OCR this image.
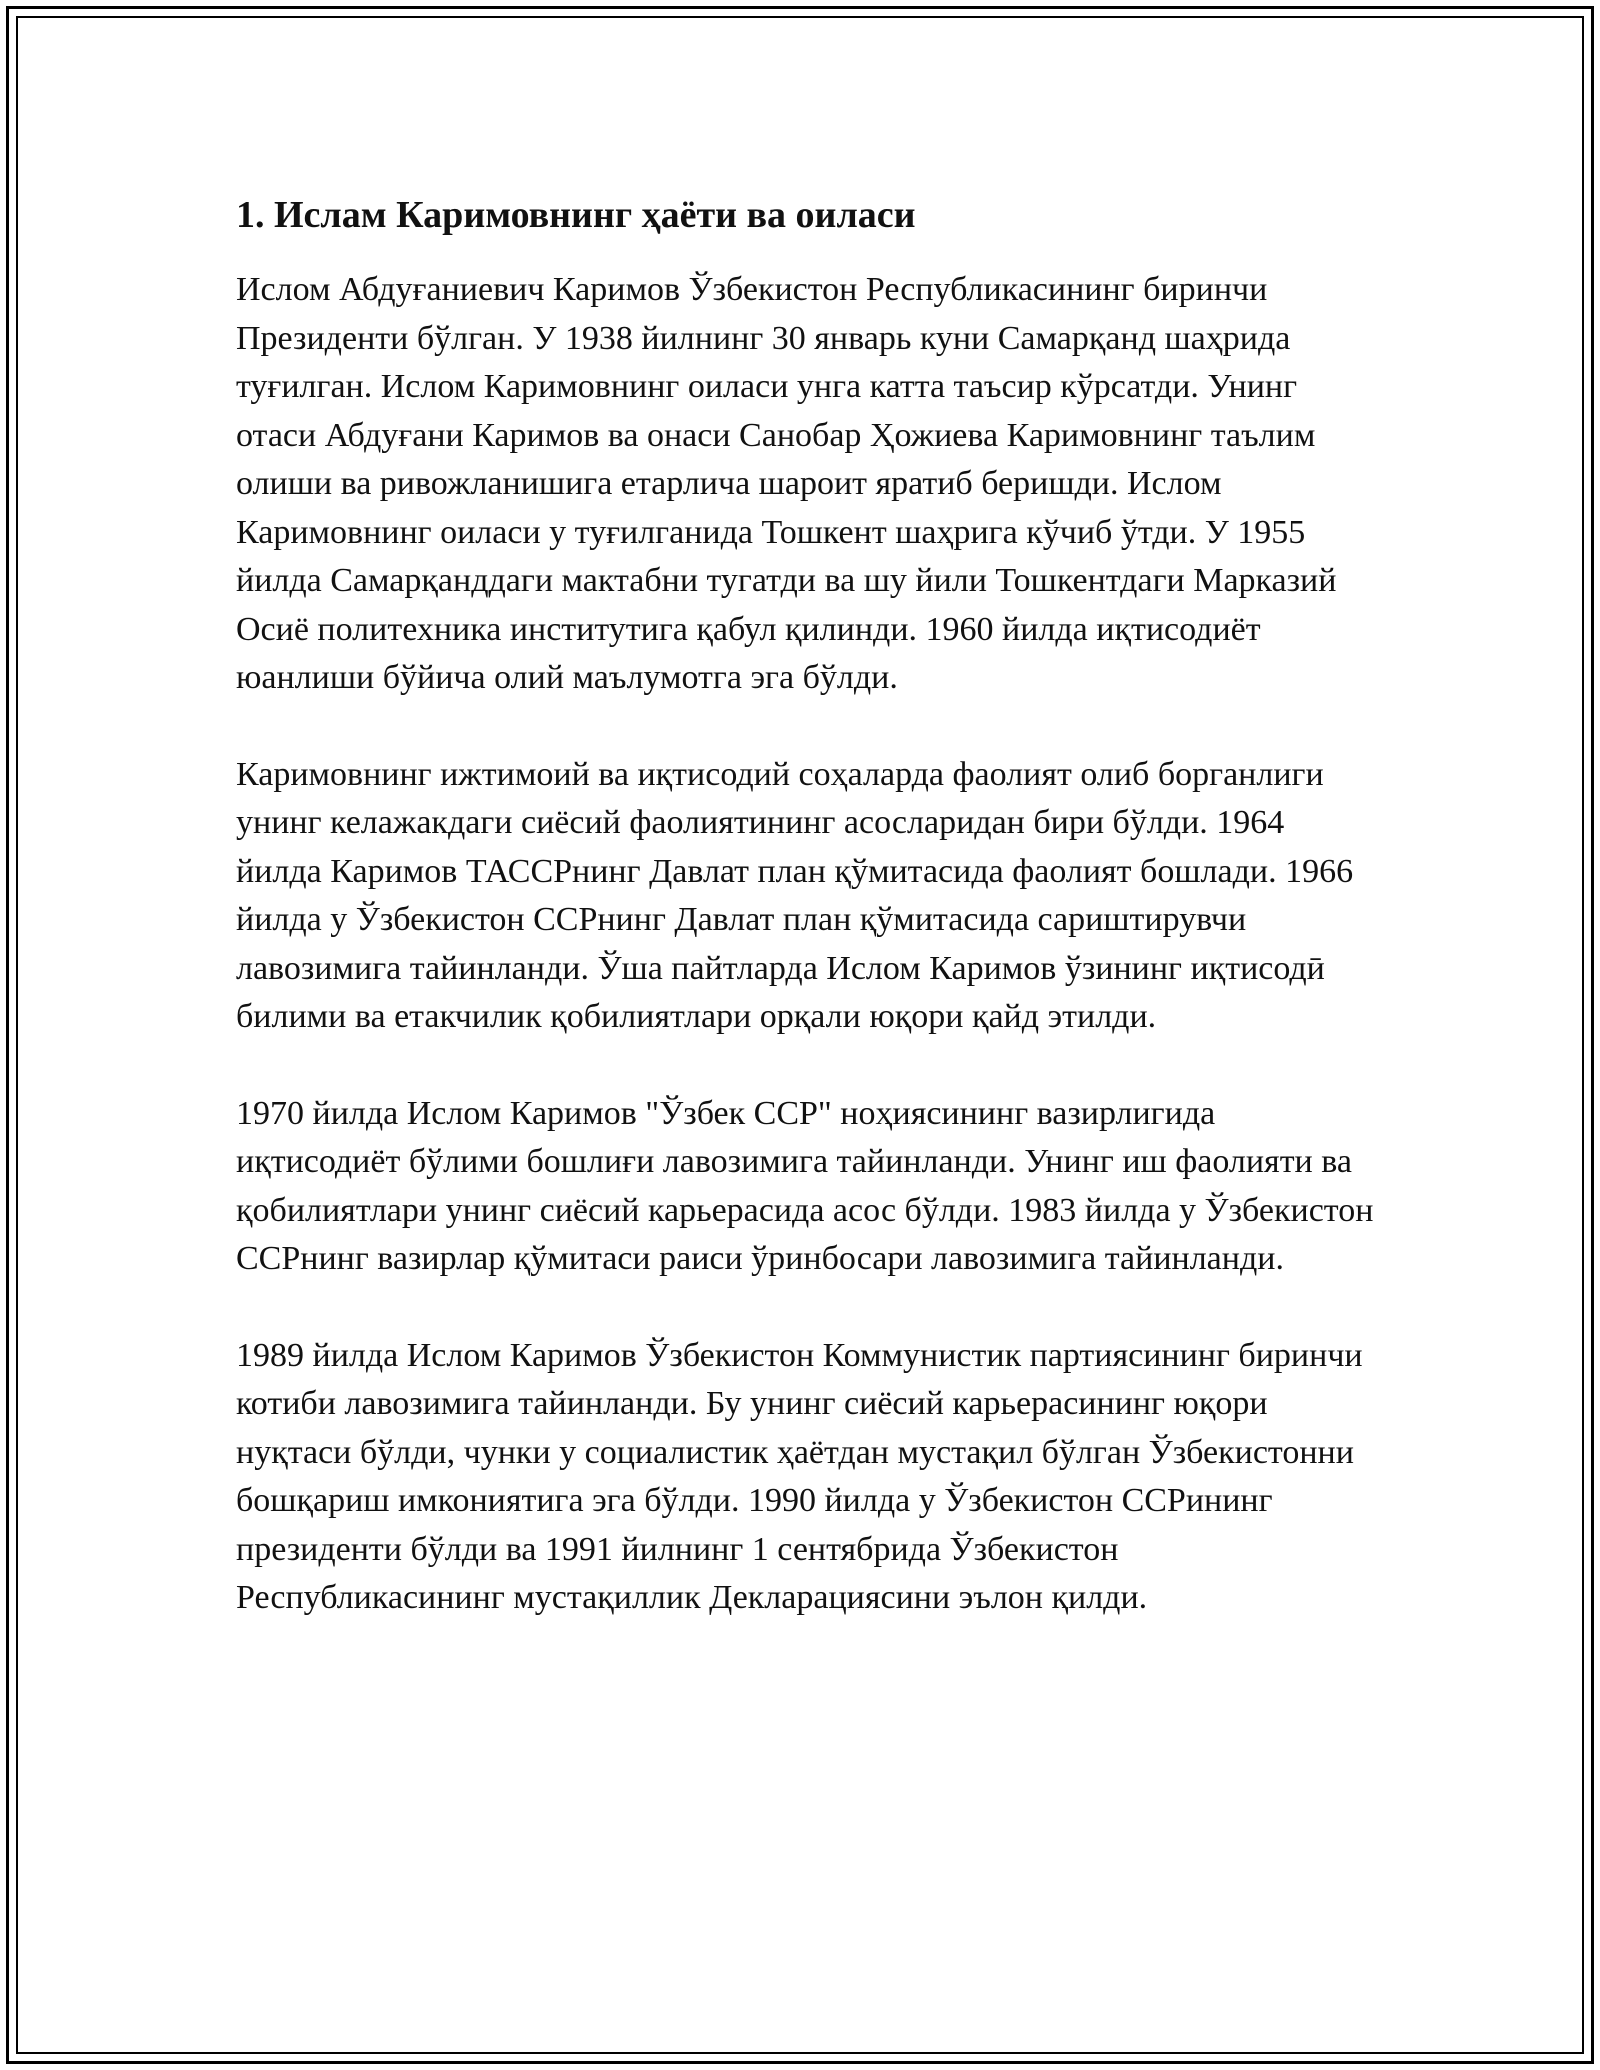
1. Ислам Каримовнинг ҳаёти ва оиласи

Ислом Абдуғаниевич Каримов Ўзбекистон Республикасининг биринчи Президенти бўлган. У 1938 йилнинг 30 январь куни Самарқанд шаҳрида туғилган. Ислом Каримовнинг оиласи унга катта таъсир кўрсатди. Унинг отаси Абдуғани Каримов ва онаси Санобар Ҳожиева Каримовнинг таълим олиши ва ривожланишига етарлича шароит яратиб беришди. Ислом Каримовнинг оиласи у туғилганида Тошкент шаҳрига кўчиб ўтди. У 1955 йилда Самарқанддаги мактабни тугатди ва шу йили Тошкентдаги Марказий Осиё политехника институтига қабул қилинди. 1960 йилда иқтисодиёт юанлиши бўйича олий маълумотга эга бўлди.

Каримовнинг ижтимоий ва иқтисодий соҳаларда фаолият олиб борганлиги унинг келажакдаги сиёсий фаолиятининг асосларидан бири бўлди. 1964 йилда Каримов ТАССРнинг Давлат план қўмитасида фаолият бошлади. 1966 йилда у Ўзбекистон ССРнинг Давлат план қўмитасида сариштирувчи лавозимига тайинланди. Ўша пайтларда Ислом Каримов ўзининг иқтисодӣ билими ва етакчилик қобилиятлари орқали юқори қайд этилди.

1970 йилда Ислом Каримов "Ўзбек ССР" ноҳиясининг вазирлигида иқтисодиёт бўлими бошлиғи лавозимига тайинланди. Унинг иш фаолияти ва қобилиятлари унинг сиёсий карьерасида асос бўлди. 1983 йилда у Ўзбекистон ССРнинг вазирлар қўмитаси раиси ўринбосари лавозимига тайинланди.

1989 йилда Ислом Каримов Ўзбекистон Коммунистик партиясининг биринчи котиби лавозимига тайинланди. Бу унинг сиёсий карьерасининг юқори нуқтаси бўлди, чунки у социалистик ҳаётдан мустақил бўлган Ўзбекистонни бошқариш имкониятига эга бўлди. 1990 йилда у Ўзбекистон ССРининг президенти бўлди ва 1991 йилнинг 1 сентябрида Ўзбекистон Республикасининг мустақиллик Декларациясини эълон қилди.
